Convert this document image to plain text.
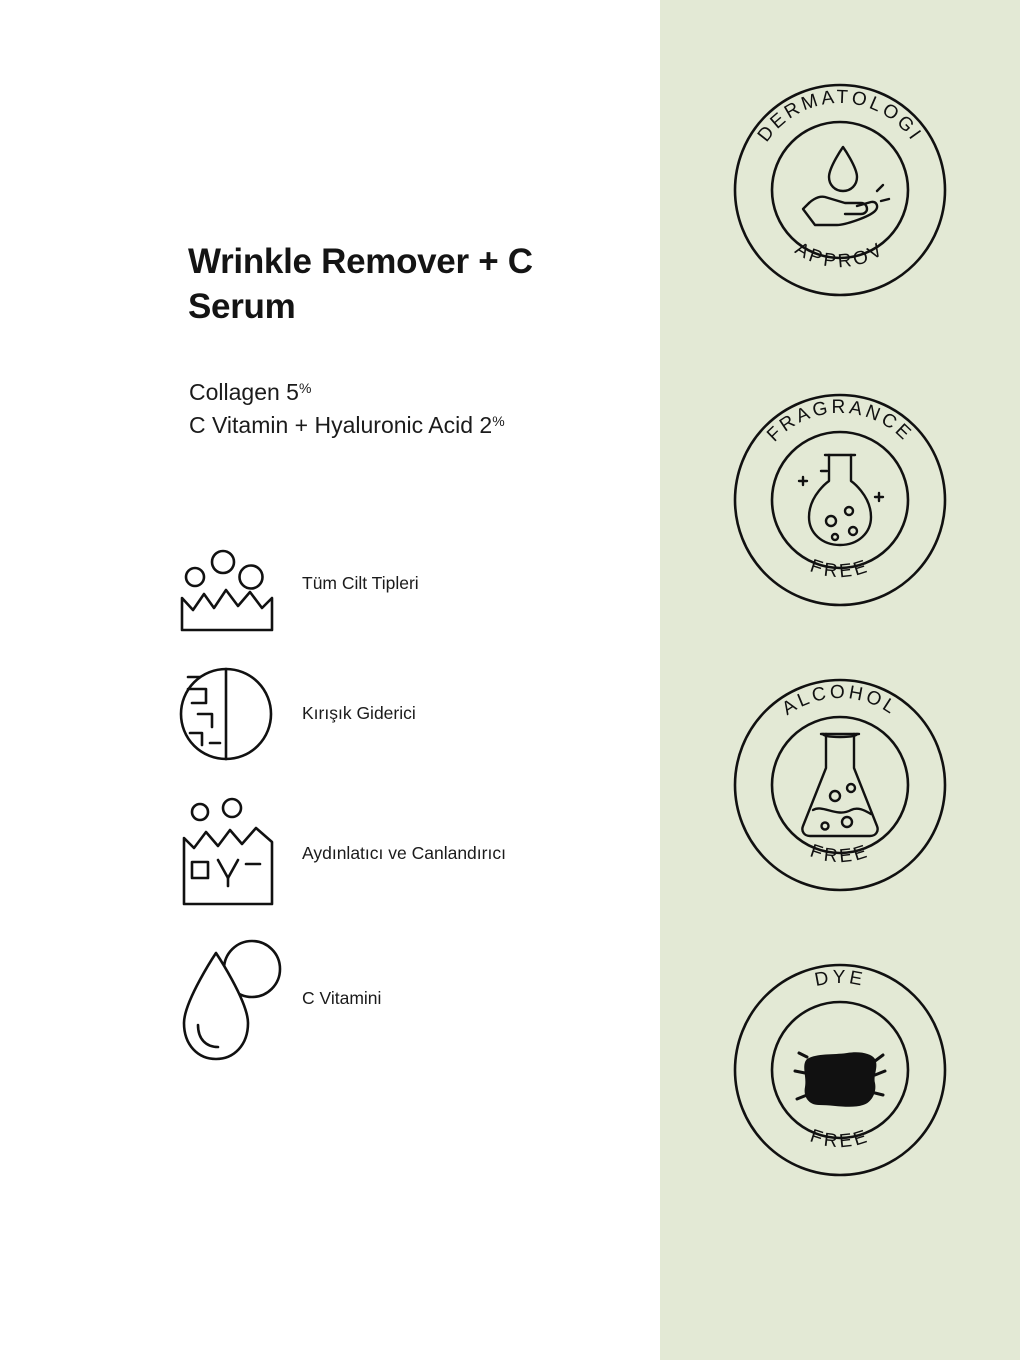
Wrinkle Remover + C Serum
Collagen 5%
C Vitamin + Hyaluronic Acid 2%
Tüm Cilt Tipleri
Kırışık Giderici
Aydınlatıcı ve Canlandırıcı
C Vitamini
DERMATOLOGI
APPROV
FRAGRANCE
FREE
ALCOHOL
FREE
DYE
FREE
